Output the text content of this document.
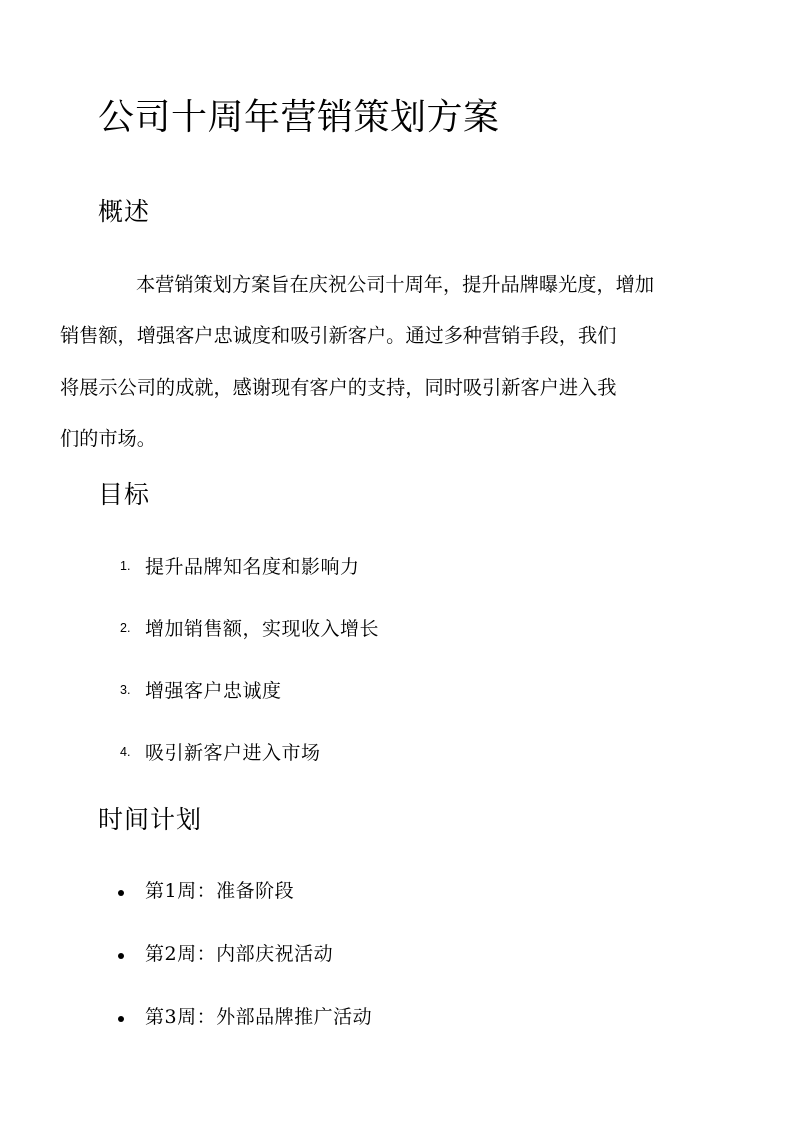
公司十周年营销策划方案
概述

本营销策划方案旨在庆祝公司十周年，提升品牌曝光度，增加
销售额，增强客户忠诚度和吸引新客户。通过多种营销手段，我们
将展示公司的成就，感谢现有客户的支持，同时吸引新客户进入我
们的市场。

目标
1. 提升品牌知名度和影响力
2. 增加销售额，实现收入增长
3. 增强客户忠诚度
4. 吸引新客户进入市场
时间计划
第1周：准备阶段
第2周：内部庆祝活动
第3周：外部品牌推广活动
